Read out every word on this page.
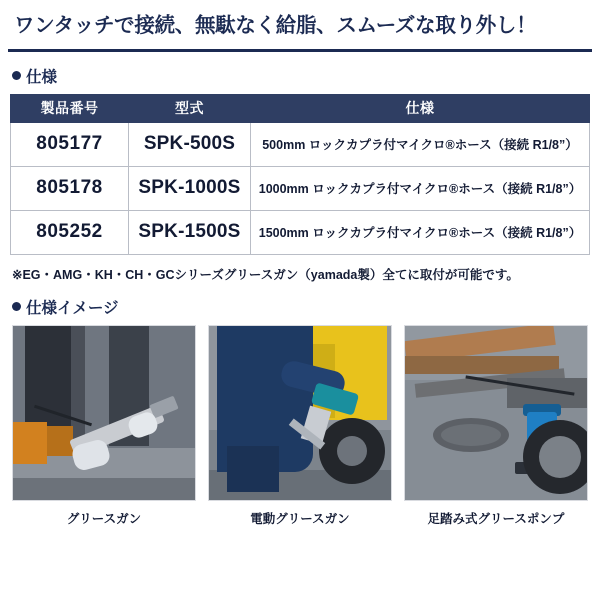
ワンタッチで接続、無駄なく給脂、スムーズな取り外し！
仕様
製品番号	型式	仕様
805177	SPK-500S	500mm ロックカプラ付マイクロ®ホース（接続 R1/8”）
805178	SPK-1000S	1000mm ロックカプラ付マイクロ®ホース（接続 R1/8”）
805252	SPK-1500S	1500mm ロックカプラ付マイクロ®ホース（接続 R1/8”）
※EG・AMG・KH・CH・GCシリーズグリースガン（yamada製）全てに取付が可能です。
仕様イメージ
グリースガン	電動グリースガン	足踏み式グリースポンプ
